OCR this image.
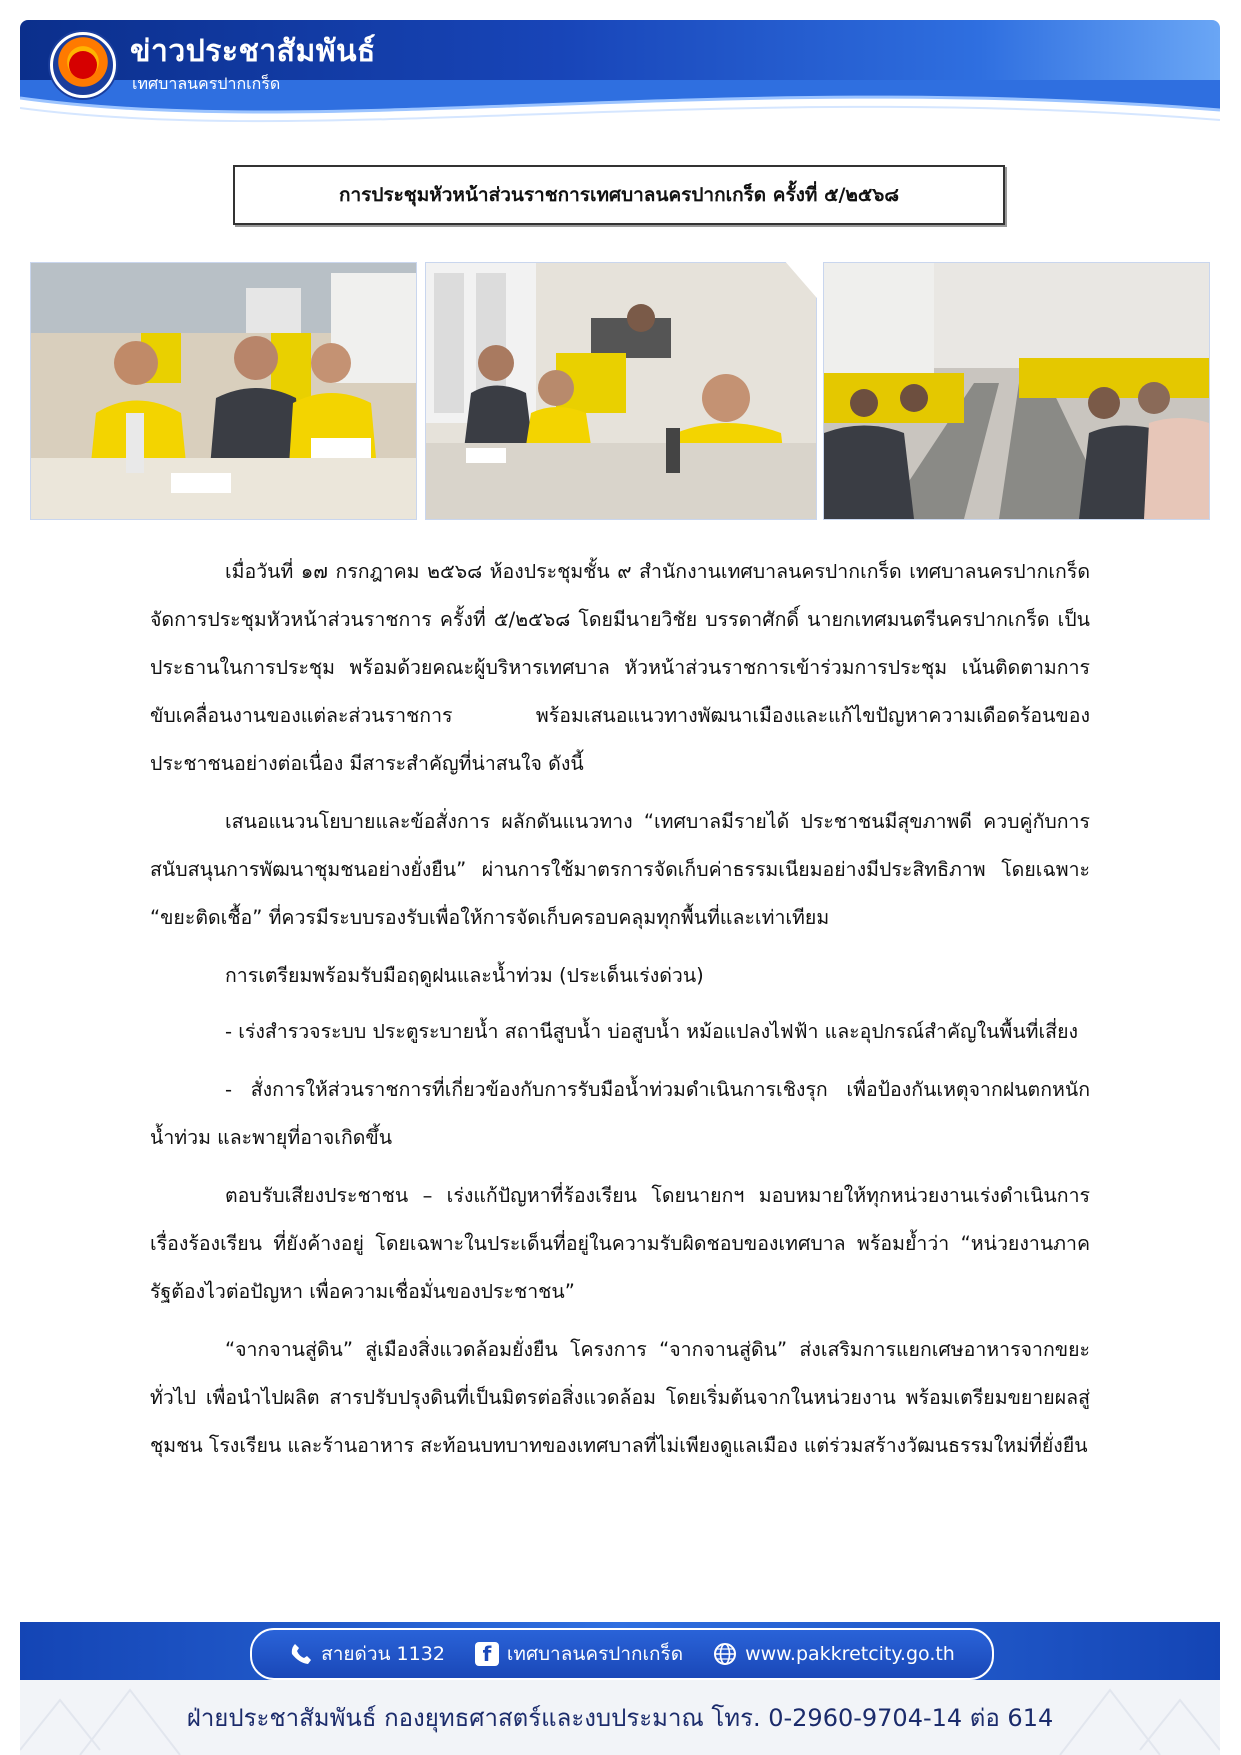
ข่าวประชาสัมพันธ์
เทศบาลนครปากเกร็ด
การประชุมหัวหน้าส่วนราชการเทศบาลนครปากเกร็ด ครั้งที่ ๕/๒๕๖๘

เมื่อวันที่ ๑๗ กรกฎาคม ๒๕๖๘ ห้องประชุมชั้น ๙ สำนักงานเทศบาลนครปากเกร็ด เทศบาลนครปากเกร็ดจัดการประชุมหัวหน้าส่วนราชการ ครั้งที่ ๕/๒๕๖๘ โดยมีนายวิชัย บรรดาศักดิ์ นายกเทศมนตรีนครปากเกร็ด เป็นประธานในการประชุม พร้อมด้วยคณะผู้บริหารเทศบาล หัวหน้าส่วนราชการเข้าร่วมการประชุม เน้นติดตามการขับเคลื่อนงานของแต่ละส่วนราชการ พร้อมเสนอแนวทางพัฒนาเมืองและแก้ไขปัญหาความเดือดร้อนของประชาชนอย่างต่อเนื่อง มีสาระสำคัญที่น่าสนใจ ดังนี้

เสนอแนวนโยบายและข้อสั่งการ ผลักดันแนวทาง “เทศบาลมีรายได้ ประชาชนมีสุขภาพดี ควบคู่กับการสนับสนุนการพัฒนาชุมชนอย่างยั่งยืน” ผ่านการใช้มาตรการจัดเก็บค่าธรรมเนียมอย่างมีประสิทธิภาพ โดยเฉพาะ “ขยะติดเชื้อ” ที่ควรมีระบบรองรับเพื่อให้การจัดเก็บครอบคลุมทุกพื้นที่และเท่าเทียม

การเตรียมพร้อมรับมือฤดูฝนและน้ำท่วม (ประเด็นเร่งด่วน)

- เร่งสำรวจระบบ ประตูระบายน้ำ สถานีสูบน้ำ บ่อสูบน้ำ หม้อแปลงไฟฟ้า และอุปกรณ์สำคัญในพื้นที่เสี่ยง

- สั่งการให้ส่วนราชการที่เกี่ยวข้องกับการรับมือน้ำท่วมดำเนินการเชิงรุก เพื่อป้องกันเหตุจากฝนตกหนัก น้ำท่วม และพายุที่อาจเกิดขึ้น

ตอบรับเสียงประชาชน – เร่งแก้ปัญหาที่ร้องเรียน โดยนายกฯ มอบหมายให้ทุกหน่วยงานเร่งดำเนินการเรื่องร้องเรียน ที่ยังค้างอยู่ โดยเฉพาะในประเด็นที่อยู่ในความรับผิดชอบของเทศบาล พร้อมย้ำว่า “หน่วยงานภาครัฐต้องไวต่อปัญหา เพื่อความเชื่อมั่นของประชาชน”

“จากจานสู่ดิน” สู่เมืองสิ่งแวดล้อมยั่งยืน โครงการ “จากจานสู่ดิน” ส่งเสริมการแยกเศษอาหารจากขยะทั่วไป เพื่อนำไปผลิต สารปรับปรุงดินที่เป็นมิตรต่อสิ่งแวดล้อม โดยเริ่มต้นจากในหน่วยงาน พร้อมเตรียมขยายผลสู่ชุมชน โรงเรียน และร้านอาหาร สะท้อนบทบาทของเทศบาลที่ไม่เพียงดูแลเมือง แต่ร่วมสร้างวัฒนธรรมใหม่ที่ยั่งยืน

สายด่วน 1132	f เทศบาลนครปากเกร็ด	www.pakkretcity.go.th
ฝ่ายประชาสัมพันธ์ กองยุทธศาสตร์และงบประมาณ โทร. 0-2960-9704-14 ต่อ 614
